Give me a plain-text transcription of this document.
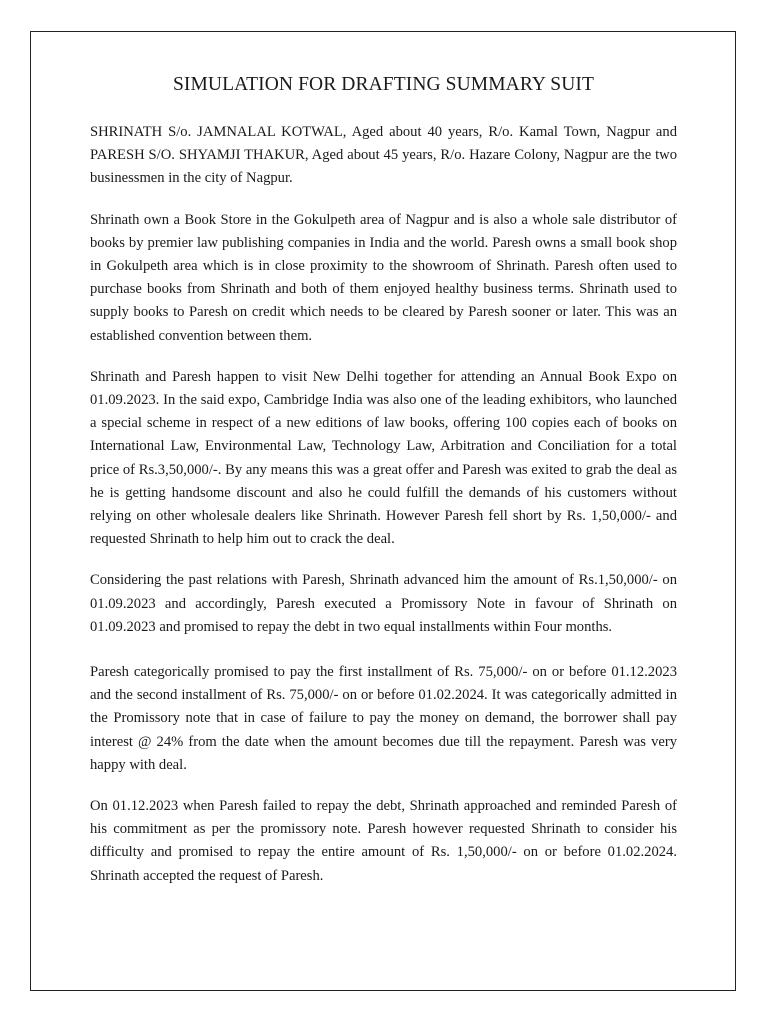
SIMULATION FOR DRAFTING SUMMARY SUIT

SHRINATH S/o. JAMNALAL KOTWAL, Aged about 40 years, R/o. Kamal Town, Nagpur and PARESH S/O. SHYAMJI THAKUR, Aged about 45 years, R/o. Hazare Colony, Nagpur are the two businessmen in the city of Nagpur.

Shrinath own a Book Store in the Gokulpeth area of Nagpur and is also a whole sale distributor of books by premier law publishing companies in India and the world. Paresh owns a small book shop in Gokulpeth area which is in close proximity to the showroom of Shrinath. Paresh often used to purchase books from Shrinath and both of them enjoyed healthy business terms. Shrinath used to supply books to Paresh on credit which needs to be cleared by Paresh sooner or later. This was an established convention between them.

Shrinath and Paresh happen to visit New Delhi together for attending an Annual Book Expo on 01.09.2023. In the said expo, Cambridge India was also one of the leading exhibitors, who launched a special scheme in respect of a new editions of law books, offering 100 copies each of books on International Law, Environmental Law, Technology Law, Arbitration and Conciliation for a total price of Rs.3,50,000/-. By any means this was a great offer and Paresh was exited to grab the deal as he is getting handsome discount and also he could fulfill the demands of his customers without relying on other wholesale dealers like Shrinath. However Paresh fell short by Rs. 1,50,000/- and requested Shrinath to help him out to crack the deal.

Considering the past relations with Paresh, Shrinath advanced him the amount of Rs.1,50,000/- on 01.09.2023 and accordingly, Paresh executed a Promissory Note in favour of Shrinath on 01.09.2023 and promised to repay the debt in two equal installments within Four months.

Paresh categorically promised to pay the first installment of Rs. 75,000/- on or before 01.12.2023 and the second installment of Rs. 75,000/- on or before 01.02.2024. It was categorically admitted in the Promissory note that in case of failure to pay the money on demand, the borrower shall pay interest @ 24% from the date when the amount becomes due till the repayment. Paresh was very happy with deal.

On 01.12.2023 when Paresh failed to repay the debt, Shrinath approached and reminded Paresh of his commitment as per the promissory note. Paresh however requested Shrinath to consider his difficulty and promised to repay the entire amount of Rs. 1,50,000/- on or before 01.02.2024. Shrinath accepted the request of Paresh.
